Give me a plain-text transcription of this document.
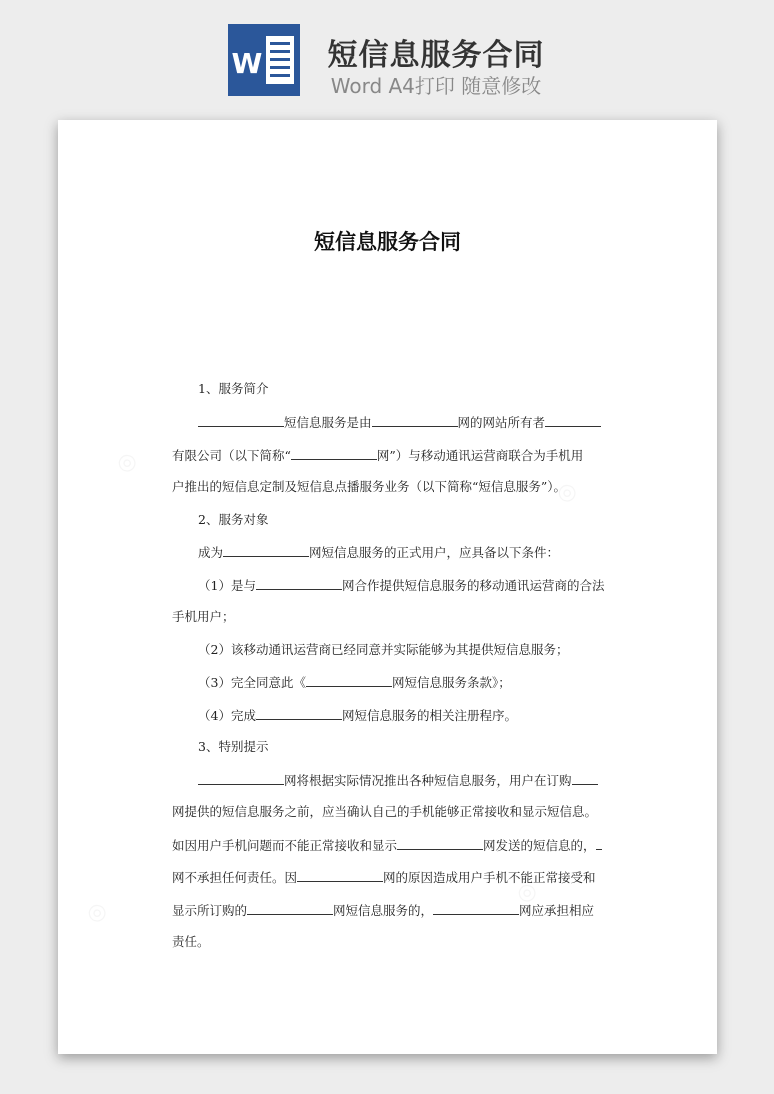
W	短信息服务合同
Word A4打印 随意修改
短信息服务合同
1、服务简介
短信息服务是由	网的网站所有者
有限公司（以下简称“	网”）与移动通讯运营商联合为手机用
户推出的短信息定制及短信息点播服务业务（以下简称“短信息服务”）。
2、服务对象
成为	网短信息服务的正式用户，应具备以下条件：
（1）是与	网合作提供短信息服务的移动通讯运营商的合法
手机用户；
（2）该移动通讯运营商已经同意并实际能够为其提供短信息服务；
（3）完全同意此《	网短信息服务条款》；
（4）完成	网短信息服务的相关注册程序。
3、特别提示
网将根据实际情况推出各种短信息服务，用户在订购
网提供的短信息服务之前，应当确认自己的手机能够正常接收和显示短信息。
如因用户手机问题而不能正常接收和显示	网发送的短信息的，
网不承担任何责任。因	网的原因造成用户手机不能正常接受和
显示所订购的	网短信息服务的，	网应承担相应
责任。
